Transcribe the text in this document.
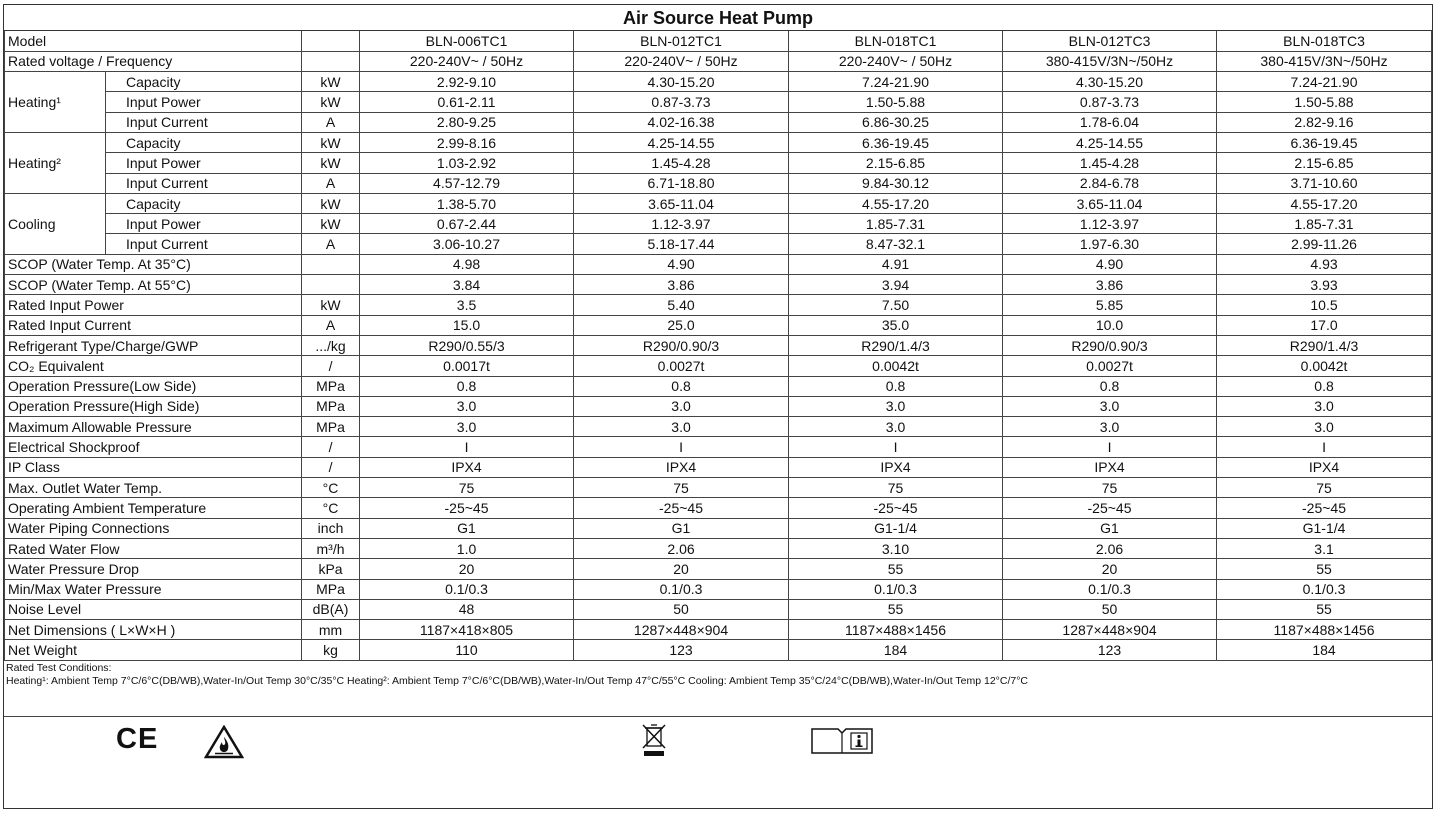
Air Source Heat Pump
Model			BLN-006TC1	BLN-012TC1	BLN-018TC1	BLN-012TC3	BLN-018TC3
Rated voltage / Frequency			220-240V~ / 50Hz	220-240V~ / 50Hz	220-240V~ / 50Hz	380-415V/3N~/50Hz	380-415V/3N~/50Hz
Heating¹	Capacity	kW	2.92-9.10	4.30-15.20	7.24-21.90	4.30-15.20	7.24-21.90
	Input Power	kW	0.61-2.11	0.87-3.73	1.50-5.88	0.87-3.73	1.50-5.88
	Input Current	A	2.80-9.25	4.02-16.38	6.86-30.25	1.78-6.04	2.82-9.16
Heating²	Capacity	kW	2.99-8.16	4.25-14.55	6.36-19.45	4.25-14.55	6.36-19.45
	Input Power	kW	1.03-2.92	1.45-4.28	2.15-6.85	1.45-4.28	2.15-6.85
	Input Current	A	4.57-12.79	6.71-18.80	9.84-30.12	2.84-6.78	3.71-10.60
Cooling	Capacity	kW	1.38-5.70	3.65-11.04	4.55-17.20	3.65-11.04	4.55-17.20
	Input Power	kW	0.67-2.44	1.12-3.97	1.85-7.31	1.12-3.97	1.85-7.31
	Input Current	A	3.06-10.27	5.18-17.44	8.47-32.1	1.97-6.30	2.99-11.26
SCOP (Water Temp. At 35°C)			4.98	4.90	4.91	4.90	4.93
SCOP (Water Temp. At 55°C)			3.84	3.86	3.94	3.86	3.93
Rated Input Power		kW	3.5	5.40	7.50	5.85	10.5
Rated Input Current		A	15.0	25.0	35.0	10.0	17.0
Refrigerant Type/Charge/GWP		.../kg	R290/0.55/3	R290/0.90/3	R290/1.4/3	R290/0.90/3	R290/1.4/3
CO₂ Equivalent		/	0.0017t	0.0027t	0.0042t	0.0027t	0.0042t
Operation Pressure(Low Side)		MPa	0.8	0.8	0.8	0.8	0.8
Operation Pressure(High Side)		MPa	3.0	3.0	3.0	3.0	3.0
Maximum Allowable Pressure		MPa	3.0	3.0	3.0	3.0	3.0
Electrical Shockproof		/	I	I	I	I	I
IP Class		/	IPX4	IPX4	IPX4	IPX4	IPX4
Max. Outlet Water Temp.		°C	75	75	75	75	75
Operating Ambient Temperature		°C	-25~45	-25~45	-25~45	-25~45	-25~45
Water Piping Connections		inch	G1	G1	G1-1/4	G1	G1-1/4
Rated Water Flow		m³/h	1.0	2.06	3.10	2.06	3.1
Water Pressure Drop		kPa	20	20	55	20	55
Min/Max Water Pressure		MPa	0.1/0.3	0.1/0.3	0.1/0.3	0.1/0.3	0.1/0.3
Noise Level		dB(A)	48	50	55	50	55
Net Dimensions ( L×W×H )		mm	1187×418×805	1287×448×904	1187×488×1456	1287×448×904	1187×488×1456
Net Weight		kg	110	123	184	123	184
Rated Test Conditions:
Heating¹: Ambient Temp 7°C/6°C(DB/WB),Water-In/Out Temp 30°C/35°C Heating²: Ambient Temp 7°C/6°C(DB/WB),Water-In/Out Temp 47°C/55°C Cooling: Ambient Temp 35°C/24°C(DB/WB),Water-In/Out Temp 12°C/7°C
CE
